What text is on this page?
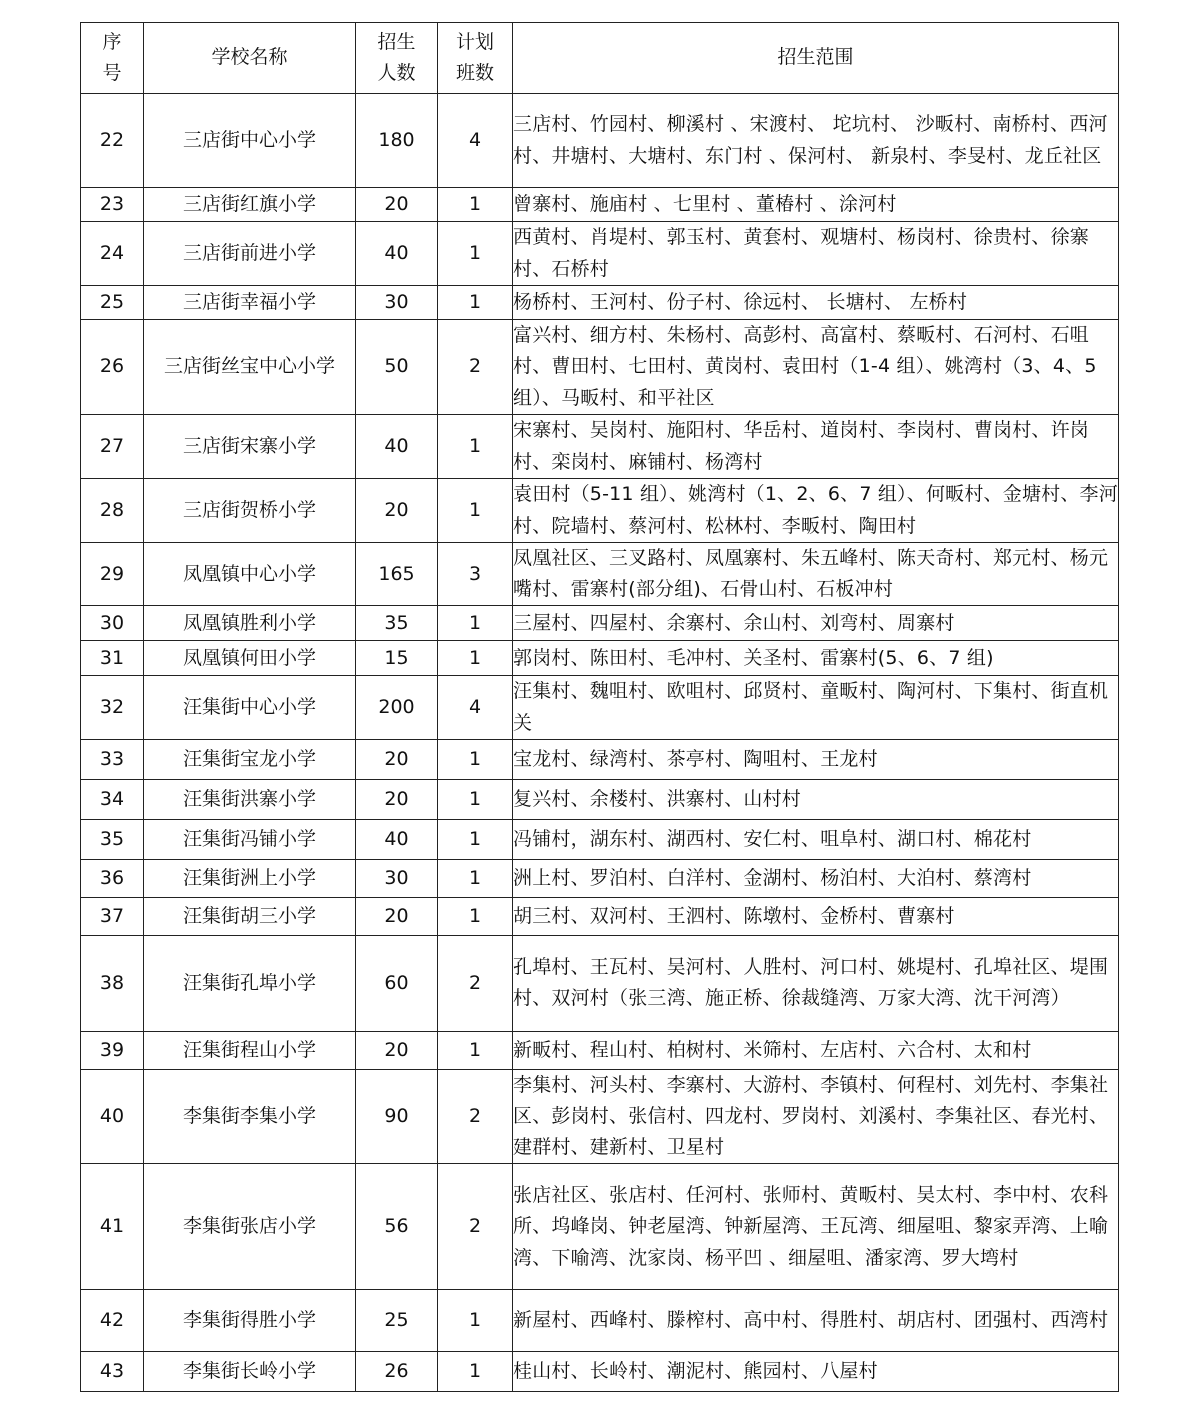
序号	学校名称	招生人数	计划班数	招生范围
22	三店街中心小学	180	4	三店村、竹园村、柳溪村 、宋渡村、 坨坑村、 沙畈村、南桥村、西河村、井塘村、大塘村、东门村 、保河村、 新泉村、李旻村、龙丘社区
23	三店街红旗小学	20	1	曾寨村、施庙村 、七里村 、董椿村 、涂河村
24	三店街前进小学	40	1	西黄村、肖堤村、郭玉村、黄套村、观塘村、杨岗村、徐贵村、徐寨村、石桥村
25	三店街幸福小学	30	1	杨桥村、王河村、份子村、徐远村、 长塘村、 左桥村
26	三店街丝宝中心小学	50	2	富兴村、细方村、朱杨村、高彭村、高富村、蔡畈村、石河村、石咀村、曹田村、七田村、黄岗村、袁田村（1-4 组）、姚湾村（3、4、5 组）、马畈村、和平社区
27	三店街宋寨小学	40	1	宋寨村、吴岗村、施阳村、华岳村、道岗村、李岗村、曹岗村、许岗村、栾岗村、麻铺村、杨湾村
28	三店街贺桥小学	20	1	袁田村（5-11 组）、姚湾村（1、2、6、7 组）、何畈村、金塘村、李河村、院墙村、蔡河村、松林村、李畈村、陶田村
29	凤凰镇中心小学	165	3	凤凰社区、三叉路村、凤凰寨村、朱五峰村、陈天奇村、郑元村、杨元嘴村、雷寨村(部分组)、石骨山村、石板冲村
30	凤凰镇胜利小学	35	1	三屋村、四屋村、余寨村、余山村、刘弯村、周寨村
31	凤凰镇何田小学	15	1	郭岗村、陈田村、毛冲村、关圣村、雷寨村(5、6、7 组)
32	汪集街中心小学	200	4	汪集村、魏咀村、欧咀村、邱贤村、童畈村、陶河村、下集村、街直机关
33	汪集街宝龙小学	20	1	宝龙村、绿湾村、茶亭村、陶咀村、王龙村
34	汪集街洪寨小学	20	1	复兴村、余楼村、洪寨村、山村村
35	汪集街冯铺小学	40	1	冯铺村，湖东村、湖西村、安仁村、咀阜村、湖口村、棉花村
36	汪集街洲上小学	30	1	洲上村、罗泊村、白洋村、金湖村、杨泊村、大泊村、蔡湾村
37	汪集街胡三小学	20	1	胡三村、双河村、王泗村、陈墩村、金桥村、曹寨村
38	汪集街孔埠小学	60	2	孔埠村、王瓦村、吴河村、人胜村、河口村、姚堤村、孔埠社区、堤围村、双河村（张三湾、施正桥、徐裁缝湾、万家大湾、沈干河湾）
39	汪集街程山小学	20	1	新畈村、程山村、柏树村、米筛村、左店村、六合村、太和村
40	李集街李集小学	90	2	李集村、河头村、李寨村、大游村、李镇村、何程村、刘先村、李集社区、彭岗村、张信村、四龙村、罗岗村、刘溪村、李集社区、春光村、建群村、建新村、卫星村
41	李集街张店小学	56	2	张店社区、张店村、任河村、张师村、黄畈村、吴太村、李中村、农科所、坞峰岗、钟老屋湾、钟新屋湾、王瓦湾、细屋咀、黎家弄湾、上喻湾、下喻湾、沈家岗、杨平凹 、细屋咀、潘家湾、罗大塆村
42	李集街得胜小学	25	1	新屋村、西峰村、滕榨村、高中村、得胜村、胡店村、团强村、西湾村
43	李集街长岭小学	26	1	桂山村、长岭村、潮泥村、熊园村、八屋村
